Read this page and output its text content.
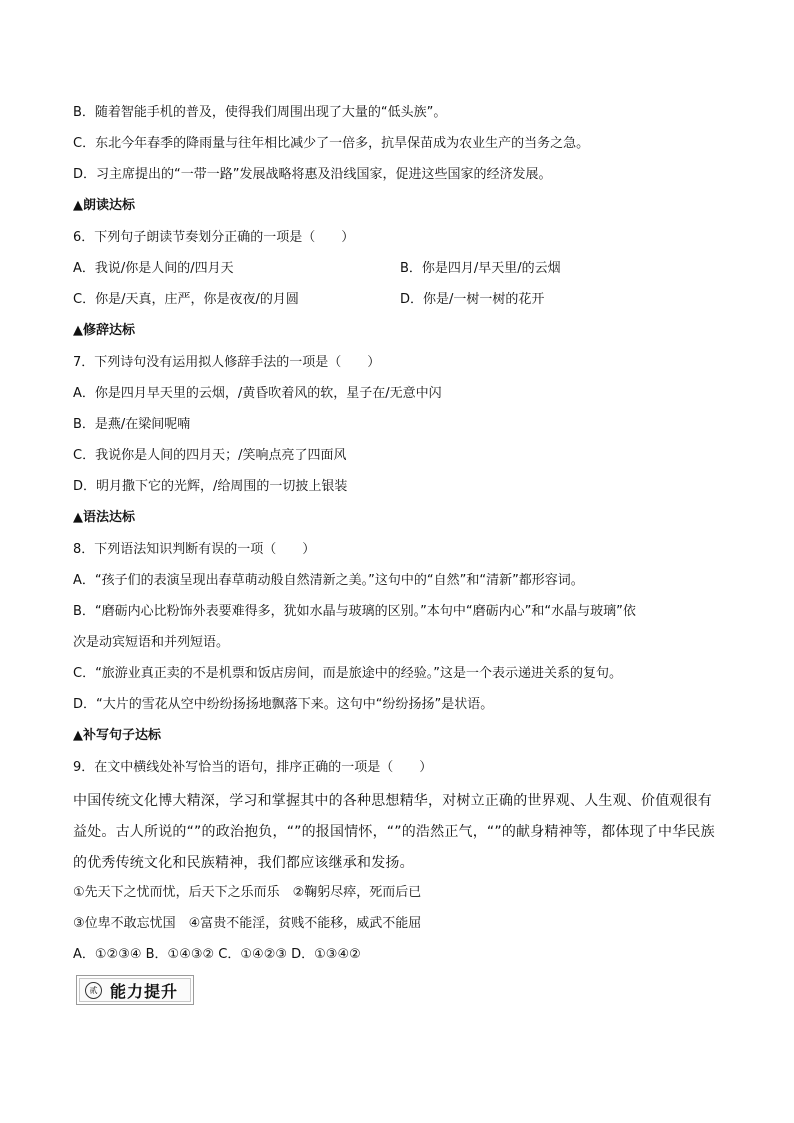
B．随着智能手机的普及，使得我们周围出现了大量的“低头族”。
C．东北今年春季的降雨量与往年相比减少了一倍多，抗旱保苗成为农业生产的当务之急。
D．习主席提出的“一带一路”发展战略将惠及沿线国家，促进这些国家的经济发展。
▲朗读达标
6．下列句子朗读节奏划分正确的一项是（　　）
A．我说/你是人间的/四月天	B．你是四月/早天里/的云烟
C．你是/天真，庄严，你是夜夜/的月圆	D．你是/一树一树的花开
▲修辞达标
7．下列诗句没有运用拟人修辞手法的一项是（　　）
A．你是四月早天里的云烟，/黄昏吹着风的软，星子在/无意中闪
B．是燕/在梁间呢喃
C．我说你是人间的四月天；/笑响点亮了四面风
D．明月撒下它的光辉，/给周围的一切披上银装
▲语法达标
8．下列语法知识判断有误的一项（　　）
A．“孩子们的表演呈现出春草萌动般自然清新之美。”这句中的“自然”和“清新”都形容词。
B．“磨砺内心比粉饰外表要难得多，犹如水晶与玻璃的区别。”本句中“磨砺内心”和“水晶与玻璃”依
次是动宾短语和并列短语。
C．“旅游业真正卖的不是机票和饭店房间，而是旅途中的经验。”这是一个表示递进关系的复句。
D．“大片的雪花从空中纷纷扬扬地飘落下来。这句中“纷纷扬扬”是状语。
▲补写句子达标
9．在文中横线处补写恰当的语句，排序正确的一项是（　　）
中国传统文化博大精深，学习和掌握其中的各种思想精华，对树立正确的世界观、人生观、价值观很有益处。古人所说的“”的政治抱负，“”的报国情怀，“”的浩然正气，“”的献身精神等，都体现了中华民族的优秀传统文化和民族精神，我们都应该继承和发扬。
①先天下之忧而忧，后天下之乐而乐　②鞠躬尽瘁，死而后已
③位卑不敢忘忧国　④富贵不能淫，贫贱不能移，威武不能屈
A．①②③④ B．①④③② C．①④②③ D．①③④②
贰 能力提升
